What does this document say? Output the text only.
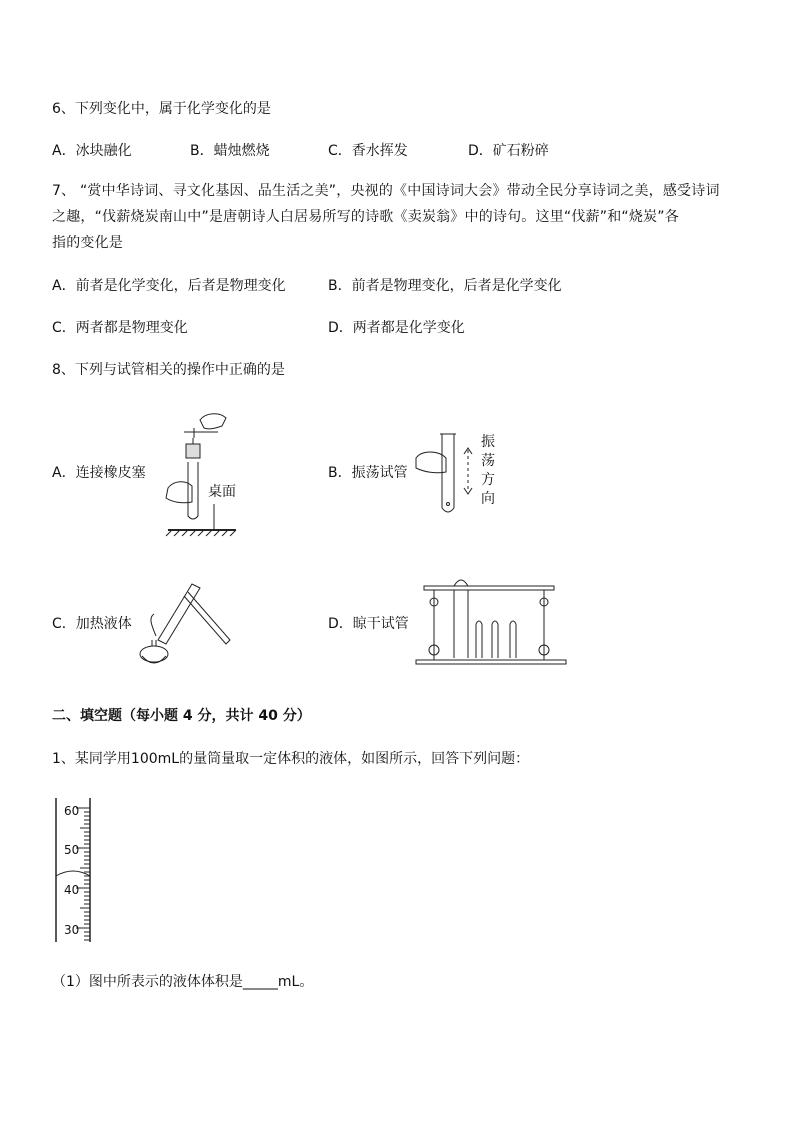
6、下列变化中，属于化学变化的是
A．冰块融化	B．蜡烛燃烧	C．香水挥发	D．矿石粉碎
7、 “赏中华诗词、寻文化基因、品生活之美”，央视的《中国诗词大会》带动全民分享诗词之美，感受诗词
之趣，“伐薪烧炭南山中”是唐朝诗人白居易所写的诗歌《卖炭翁》中的诗句。这里“伐薪”和“烧炭”各
指的变化是
A．前者是化学变化，后者是物理变化	B．前者是物理变化，后者是化学变化
C．两者都是物理变化	D．两者都是化学变化
8、下列与试管相关的操作中正确的是
A．连接橡皮塞	B．振荡试管
C．加热液体	D．晾干试管
桌面
振
荡
方
向
二、填空题（每小题 4 分，共计 40 分）
1、某同学用100mL的量筒量取一定体积的液体，如图所示，回答下列问题：
60
50
40
30
（1）图中所表示的液体体积是_____mL。
